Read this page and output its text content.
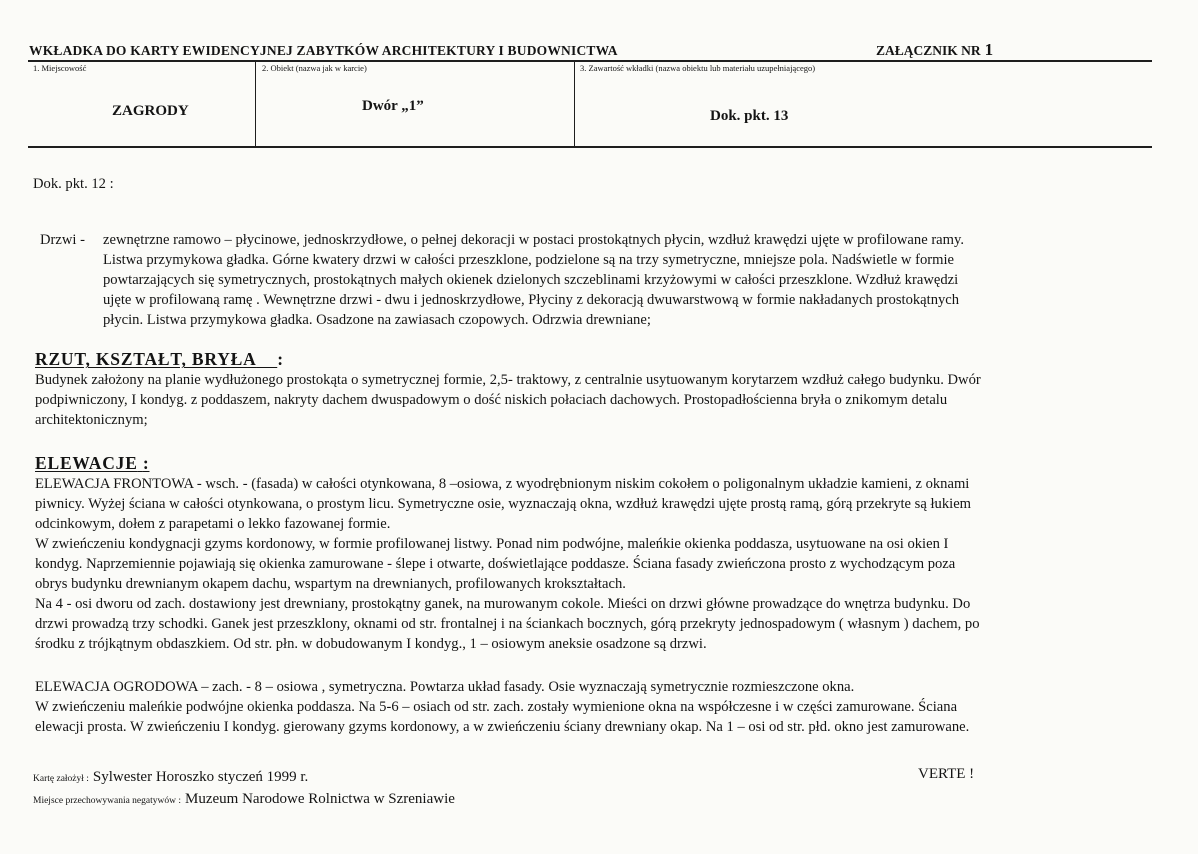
WKŁADKA DO KARTY EWIDENCYJNEJ ZABYTKÓW ARCHITEKTURY I BUDOWNICTWA	ZAŁĄCZNIK NR 1
1. Miejscowość
ZAGRODY
2. Obiekt (nazwa jak w karcie)
Dwór „1”
3. Zawartość wkładki (nazwa obiektu lub materiału uzupełniającego)
Dok. pkt. 13
Dok. pkt. 12 :
Drzwi - zewnętrzne ramowo – płycinowe, jednoskrzydłowe, o pełnej dekoracji w postaci prostokątnych płycin, wzdłuż krawędzi ujęte w profilowane ramy.
Listwa przymykowa gładka. Górne kwatery drzwi w całości przeszklone, podzielone są na trzy symetryczne, mniejsze pola. Nadświetle w formie
powtarzających się symetrycznych, prostokątnych małych okienek dzielonych szczeblinami krzyżowymi w całości przeszklone. Wzdłuż krawędzi
ujęte w profilowaną ramę . Wewnętrzne drzwi - dwu i jednoskrzydłowe, Płyciny z dekoracją dwuwarstwową w formie nakładanych prostokątnych
płycin. Listwa przymykowa gładka. Osadzone na zawiasach czopowych. Odrzwia drewniane;
RZUT, KSZTAŁT, BRYŁA :
Budynek założony na planie wydłużonego prostokąta o symetrycznej formie, 2,5- traktowy, z centralnie usytuowanym korytarzem wzdłuż całego budynku. Dwór
podpiwniczony, I kondyg. z poddaszem, nakryty dachem dwuspadowym o dość niskich połaciach dachowych. Prostopadłościenna bryła o znikomym detalu
architektonicznym;
ELEWACJE :
ELEWACJA FRONTOWA - wsch. - (fasada) w całości otynkowana, 8 –osiowa, z wyodrębnionym niskim cokołem o poligonalnym układzie kamieni, z oknami
piwnicy. Wyżej ściana w całości otynkowana, o prostym licu. Symetryczne osie, wyznaczają okna, wzdłuż krawędzi ujęte prostą ramą, górą przekryte są łukiem
odcinkowym, dołem z parapetami o lekko fazowanej formie.
W zwieńczeniu kondygnacji gzyms kordonowy, w formie profilowanej listwy. Ponad nim podwójne, maleńkie okienka poddasza, usytuowane na osi okien I
kondyg. Naprzemiennie pojawiają się okienka zamurowane - ślepe i otwarte, doświetlające poddasze. Ściana fasady zwieńczona prosto z wychodzącym poza
obrys budynku drewnianym okapem dachu, wspartym na drewnianych, profilowanych krokształtach.
Na 4 - osi dworu od zach. dostawiony jest drewniany, prostokątny ganek, na murowanym cokole. Mieści on drzwi główne prowadzące do wnętrza budynku. Do
drzwi prowadzą trzy schodki. Ganek jest przeszklony, oknami od str. frontalnej i na ściankach bocznych, górą przekryty jednospadowym ( własnym ) dachem, po
środku z trójkątnym obdaszkiem. Od str. płn. w dobudowanym I kondyg., 1 – osiowym aneksie osadzone są drzwi.
ELEWACJA OGRODOWA – zach. - 8 – osiowa , symetryczna. Powtarza układ fasady. Osie wyznaczają symetrycznie rozmieszczone okna.
W zwieńczeniu maleńkie podwójne okienka poddasza. Na 5-6 – osiach od str. zach. zostały wymienione okna na współczesne i w części zamurowane. Ściana
elewacji prosta. W zwieńczeniu I kondyg. gierowany gzyms kordonowy, a w zwieńczeniu ściany drewniany okap. Na 1 – osi od str. płd. okno jest zamurowane.
Kartę założył : Sylwester Horoszko styczeń 1999 r.
Miejsce przechowywania negatywów : Muzeum Narodowe Rolnictwa w Szreniawie
VERTE !
